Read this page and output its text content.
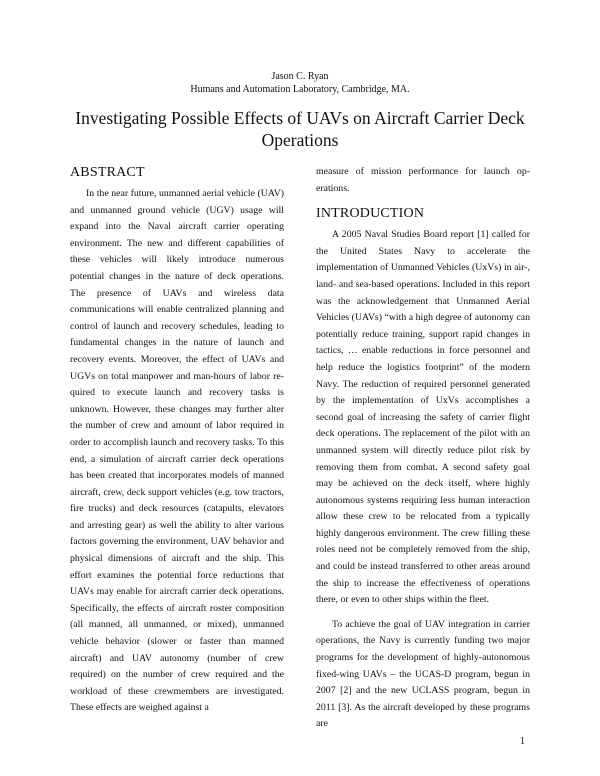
Jason C. Ryan
Humans and Automation Laboratory, Cambridge, MA.
Investigating Possible Effects of UAVs on Aircraft Carrier Deck Operations
ABSTRACT

In the near future, unmanned aerial vehicle (UAV) and unmanned ground vehicle (UGV) usage will expand into the Naval aircraft carrier operating environment. The new and different capabilities of these vehicles will likely introduce numerous potential changes in the nature of deck operations. The presence of UAVs and wireless data communications will enable centralized planning and control of launch and recovery schedules, leading to fundamental changes in the nature of launch and recovery events. Moreover, the effect of UAVs and UGVs on total manpower and man-hours of labor required to execute launch and recovery tasks is unknown. However, these changes may further alter the number of crew and amount of labor required in order to accomplish launch and recovery tasks. To this end, a simulation of aircraft carrier deck operations has been created that incorporates models of manned aircraft, crew, deck support vehicles (e.g. tow tractors, fire trucks) and deck resources (catapults, elevators and arresting gear) as well the ability to alter various factors governing the environment, UAV behavior and physical dimensions of aircraft and the ship. This effort examines the potential force reductions that UAVs may enable for aircraft carrier deck operations. Specifically, the effects of aircraft roster composition (all manned, all unmanned, or mixed), unmanned vehicle behavior (slower or faster than manned aircraft) and UAV autonomy (number of crew required) on the number of crew required and the workload of these crewmembers are investigated. These effects are weighed against a

measure of mission performance for launch operations.

INTRODUCTION

A 2005 Naval Studies Board report [1] called for the United States Navy to accelerate the implementation of Unmanned Vehicles (UxVs) in air-, land- and sea-based operations. Included in this report was the acknowledgement that Unmanned Aerial Vehicles (UAVs) “with a high degree of autonomy can potentially reduce training, support rapid changes in tactics, … enable reductions in force personnel and help reduce the logistics footprint” of the modern Navy. The reduction of required personnel generated by the implementation of UxVs accomplishes a second goal of increasing the safety of carrier flight deck operations. The replacement of the pilot with an unmanned system will directly reduce pilot risk by removing them from combat. A second safety goal may be achieved on the deck itself, where highly autonomous systems requiring less human interaction allow these crew to be relocated from a typically highly dangerous environment. The crew filling these roles need not be completely removed from the ship, and could be instead transferred to other areas around the ship to increase the effectiveness of operations there, or even to other ships within the fleet.

To achieve the goal of UAV integration in carrier operations, the Navy is currently funding two major programs for the development of highly-autonomous fixed-wing UAVs – the UCAS-D program, begun in 2007 [2] and the new UCLASS program, begun in 2011 [3]. As the aircraft developed by these programs are

1
